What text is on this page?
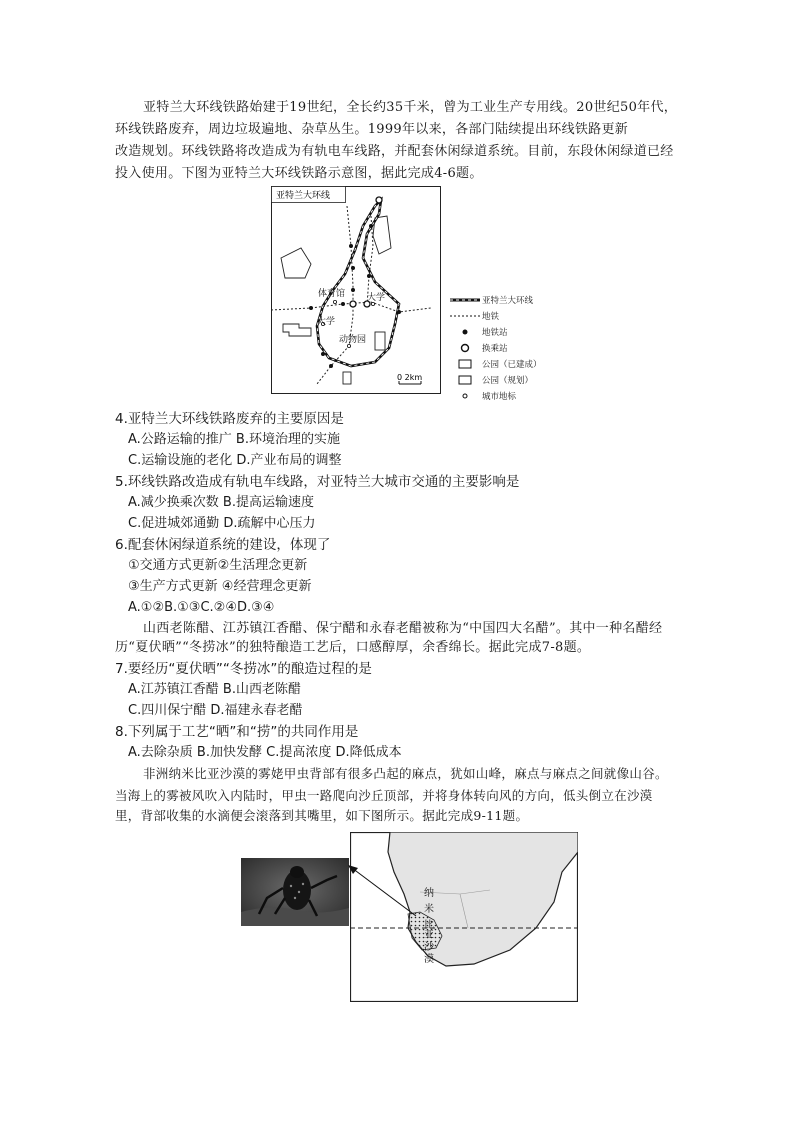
亚特兰大环线铁路始建于19世纪，全长约35千米，曾为工业生产专用线。20世纪50年代，
环线铁路废弃，周边垃圾遍地、杂草丛生。1999年以来，各部门陆续提出环线铁路更新
改造规划。环线铁路将改造成为有轨电车线路，并配套休闲绿道系统。目前，东段休闲绿道已经
投入使用。下图为亚特兰大环线铁路示意图，据此完成4-6题。
亚特兰大环线
体育馆 大学
大学
动物园
0 2km
亚特兰大环线
地铁
地铁站
换乘站
公园（已建成）
公园（规划）
城市地标
4.亚特兰大环线铁路废弃的主要原因是
A.公路运输的推广 B.环境治理的实施
C.运输设施的老化 D.产业布局的调整
5.环线铁路改造成有轨电车线路，对亚特兰大城市交通的主要影响是
A.减少换乘次数 B.提高运输速度
C.促进城郊通勤 D.疏解中心压力
6.配套休闲绿道系统的建设，体现了
①交通方式更新②生活理念更新
③生产方式更新 ④经营理念更新
A.①②B.①③C.②④D.③④
山西老陈醋、江苏镇江香醋、保宁醋和永春老醋被称为“中国四大名醋”。其中一种名醋经
历“夏伏晒”“冬捞冰”的独特酿造工艺后，口感醇厚，余香绵长。据此完成7-8题。
7.要经历“夏伏晒”“冬捞冰”的酿造过程的是
A.江苏镇江香醋 B.山西老陈醋
C.四川保宁醋 D.福建永春老醋
8.下列属于工艺“晒”和“捞”的共同作用是
A.去除杂质 B.加快发酵 C.提高浓度 D.降低成本
非洲纳米比亚沙漠的雾姥甲虫背部有很多凸起的麻点，犹如山峰，麻点与麻点之间就像山谷。
当海上的雾被风吹入内陆时，甲虫一路爬向沙丘顶部，并将身体转向风的方向，低头倒立在沙漠
里，背部收集的水滴便会滚落到其嘴里，如下图所示。据此完成9-11题。
纳
米
比
亚
沙
漠
